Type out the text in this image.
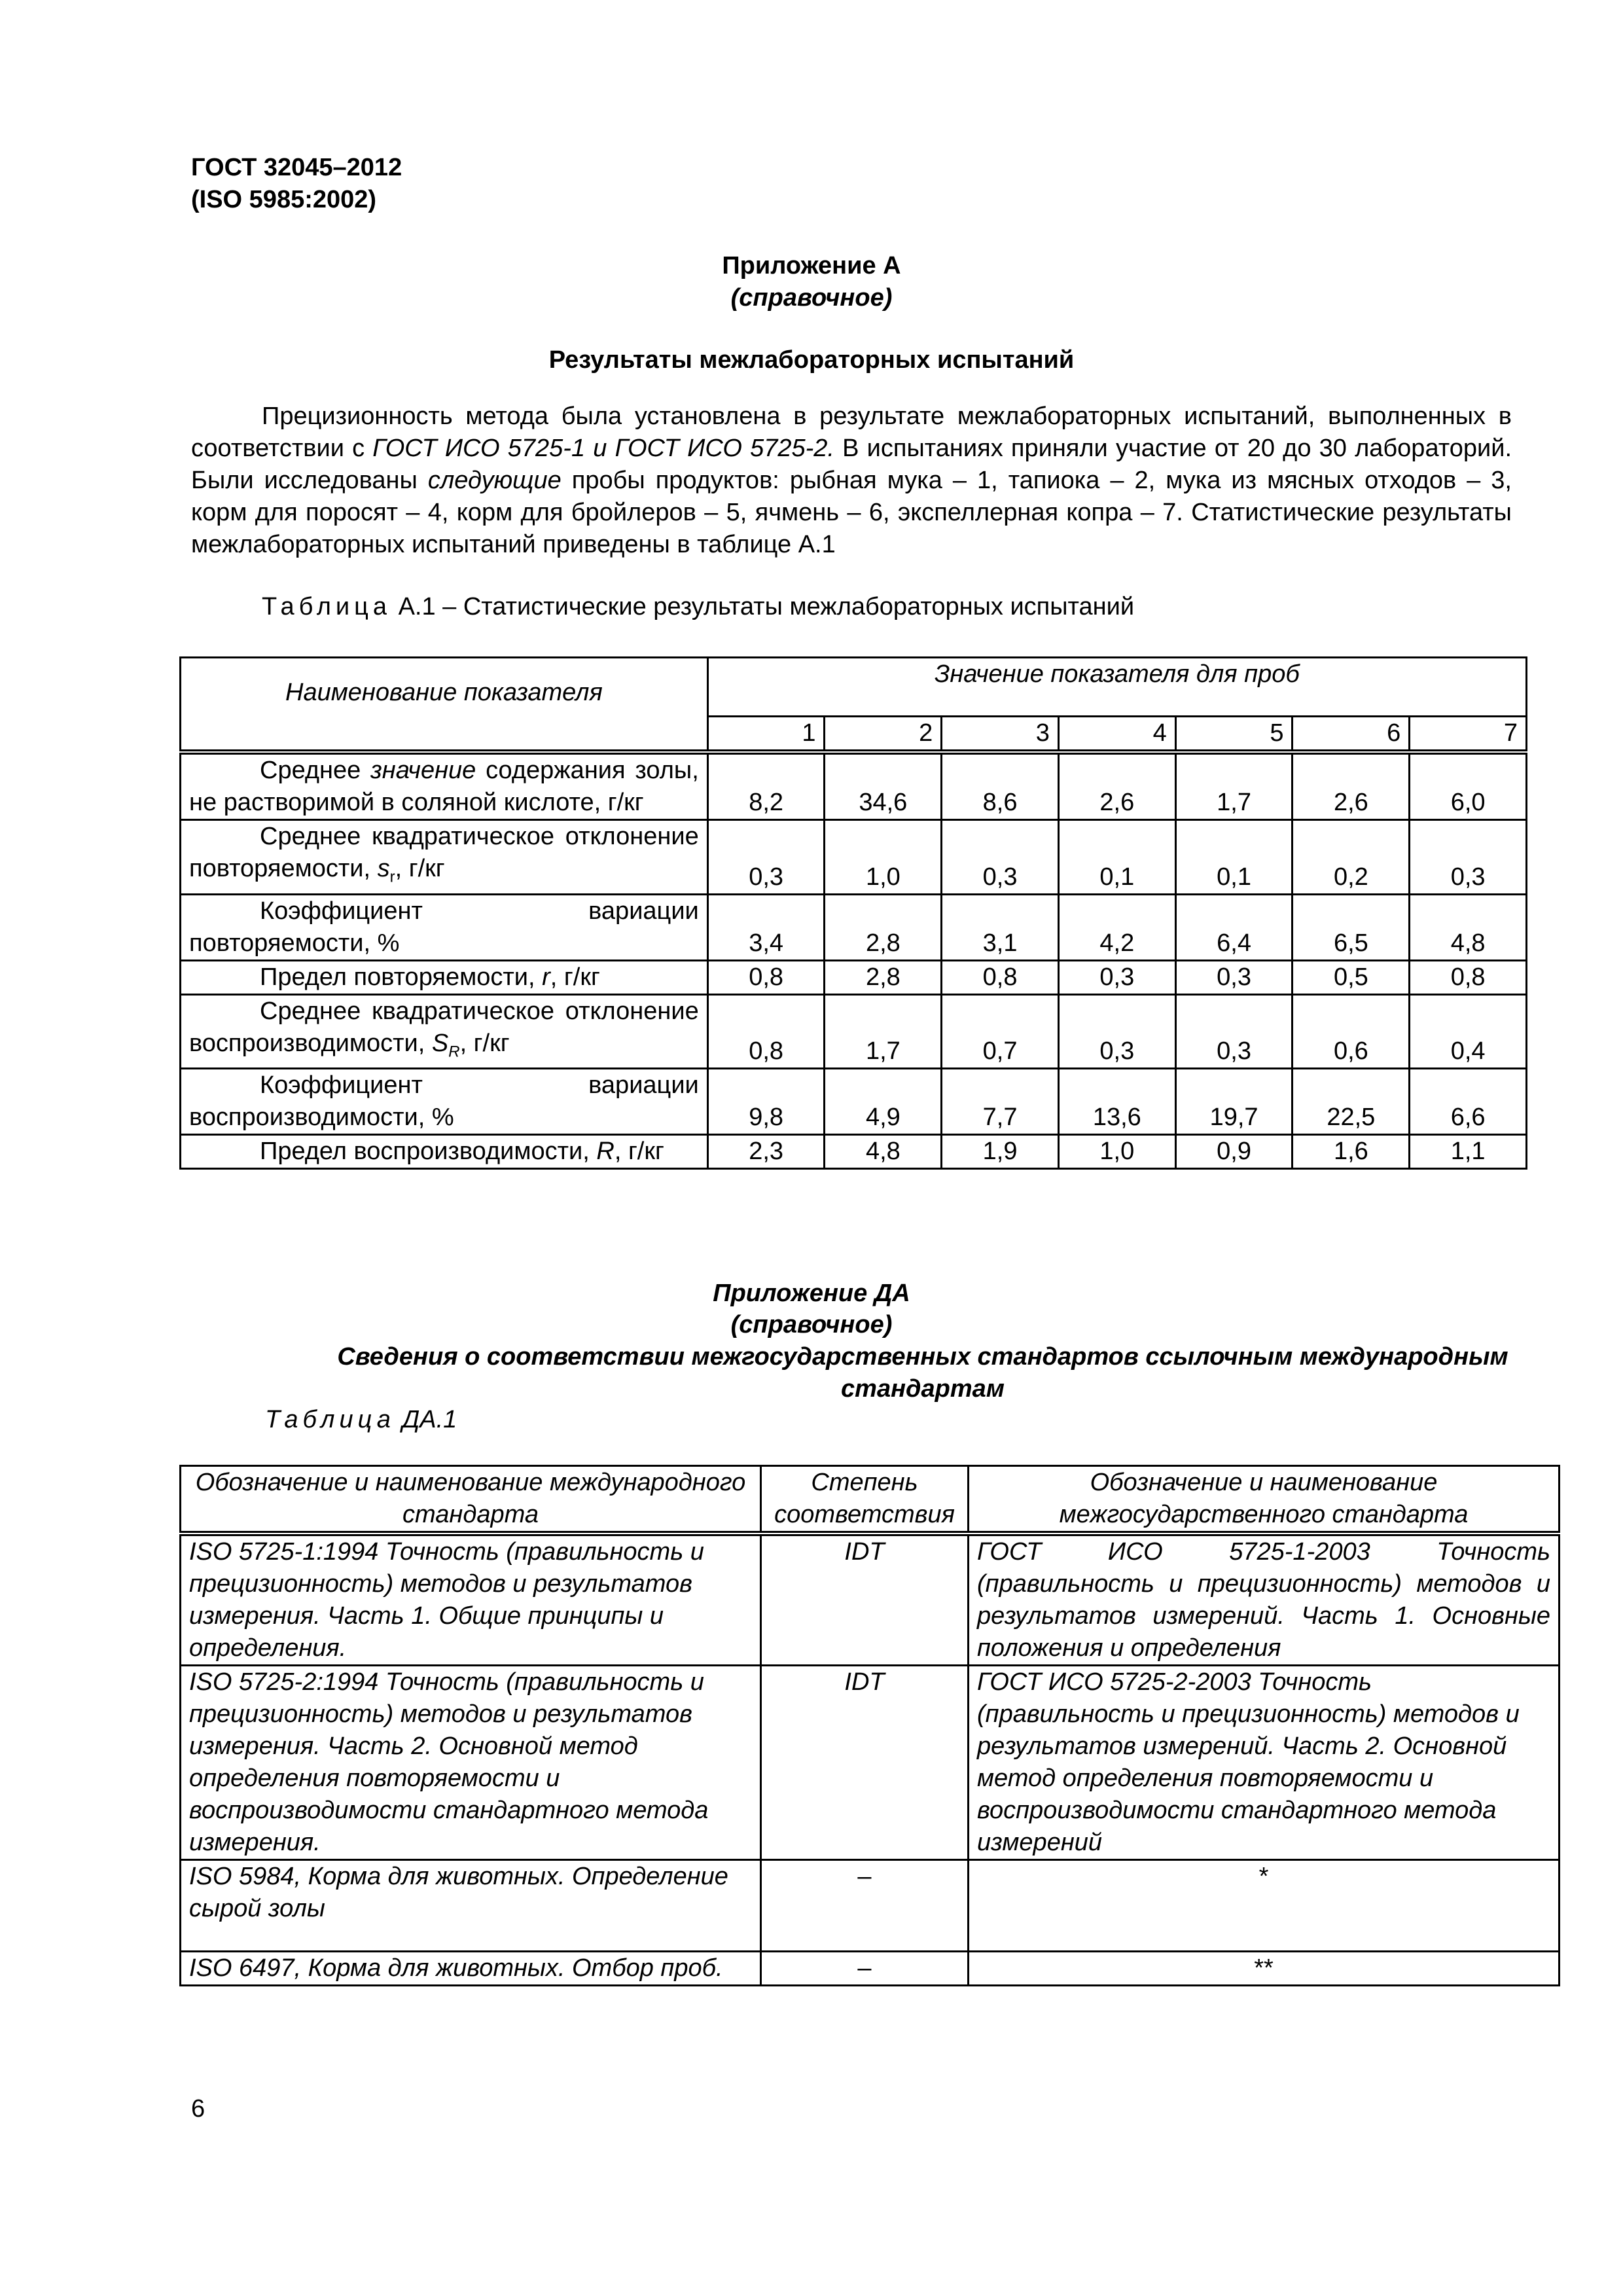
ГОСТ 32045–2012
(ISO 5985:2002)
Приложение А
(справочное)
Результаты межлабораторных испытаний
Прецизионность метода была установлена в результате межлабораторных испытаний, выполненных в соответствии с ГОСТ ИСО 5725-1 и ГОСТ ИСО 5725-2. В испытаниях приняли участие от 20 до 30 лабораторий. Были исследованы следующие пробы продуктов: рыбная мука – 1, тапиока – 2, мука из мясных отходов – 3, корм для поросят – 4, корм для бройлеров – 5, ячмень – 6, экспеллерная копра – 7. Статистические результаты межлабораторных испытаний приведены в таблице А.1
Таблица А.1 – Статистические результаты межлабораторных испытаний
Наименование показателя	Значение показателя для проб						
	1	2	3	4	5	6	7
Среднее значение содержания золы, не растворимой в соляной кислоте, г/кг	8,2	34,6	8,6	2,6	1,7	2,6	6,0
Среднее квадратическое отклонение повторяемости, $s_r$, г/кг	0,3	1,0	0,3	0,1	0,1	0,2	0,3
Коэффициент вариации повторяемости, %	3,4	2,8	3,1	4,2	6,4	6,5	4,8
Предел повторяемости, r, г/кг	0,8	2,8	0,8	0,3	0,3	0,5	0,8
Среднее квадратическое отклонение воспроизводимости, $S_R$, г/кг	0,8	1,7	0,7	0,3	0,3	0,6	0,4
Коэффициент вариации воспроизводимости, %	9,8	4,9	7,7	13,6	19,7	22,5	6,6
Предел воспроизводимости, R, г/кг	2,3	4,8	1,9	1,0	0,9	1,6	1,1
Приложение ДА
(справочное)
Сведения о соответствии межгосударственных стандартов ссылочным международным стандартам
Таблица ДА.1
Обозначение и наименование международного стандарта	Степень соответствия	Обозначение и наименование межгосударственного стандарта
ISO 5725-1:1994 Точность (правильность и прецизионность) методов и результатов измерения. Часть 1. Общие принципы и определения.	IDT	ГОСТ ИСО 5725-1-2003 Точность (правильность и прецизионность) методов и результатов измерений. Часть 1. Основные положения и определения
ISO 5725-2:1994 Точность (правильность и прецизионность) методов и результатов измерения. Часть 2. Основной метод определения повторяемости и воспроизводимости стандартного метода измерения.	IDT	ГОСТ ИСО 5725-2-2003 Точность (правильность и прецизионность) методов и результатов измерений. Часть 2. Основной метод определения повторяемости и воспроизводимости стандартного метода измерений
ISO 5984, Корма для животных. Определение сырой золы	–	*
ISO 6497, Корма для животных. Отбор проб.	–	**
6
